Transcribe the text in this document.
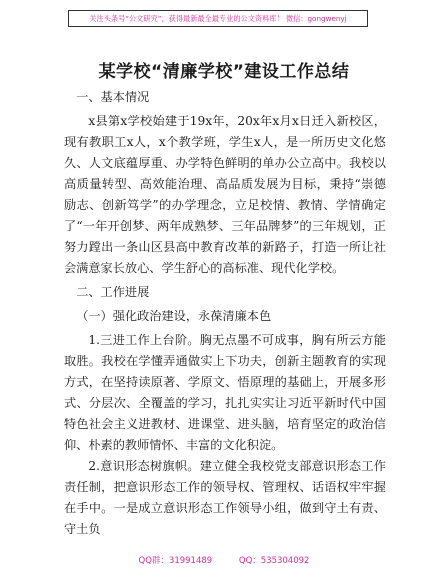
关注头条号“公文研究”，获得最新最全最专业的公文资料库！ 微信：gongwenyj
某学校“清廉学校”建设工作总结

一、基本情况

x县第x学校始建于19x年，20x年x月x日迁入新校区，现有教职工x人，x个教学班，学生x人，是一所历史文化悠久、人文底蕴厚重、办学特色鲜明的单办公立高中。我校以高质量转型、高效能治理、高品质发展为目标，秉持“崇德励志、创新笃学”的办学理念，立足校情、教情、学情确定了“一年开创梦、两年成熟梦、三年品牌梦”的三年规划，正努力蹚出一条山区县高中教育改革的新路子，打造一所让社会满意家长放心、学生舒心的高标准、现代化学校。

二、工作进展

（一）强化政治建设，永葆清廉本色

1.三进工作上台阶。胸无点墨不可成事，胸有所云方能取胜。我校在学懂弄通做实上下功夫，创新主题教育的实现方式，在坚持读原著、学原文、悟原理的基础上，开展多形式、分层次、全覆盖的学习，扎扎实实让习近平新时代中国特色社会主义进教材、进课堂、进头脑，培育坚定的政治信仰、朴素的教师情怀、丰富的文化积淀。

2.意识形态树旗帜。建立健全我校党支部意识形态工作责任制，把意识形态工作的领导权、管理权、话语权牢牢握在手中。一是成立意识形态工作领导小组，做到守土有责、守土负

QQ群：31991489	QQ：535304092
